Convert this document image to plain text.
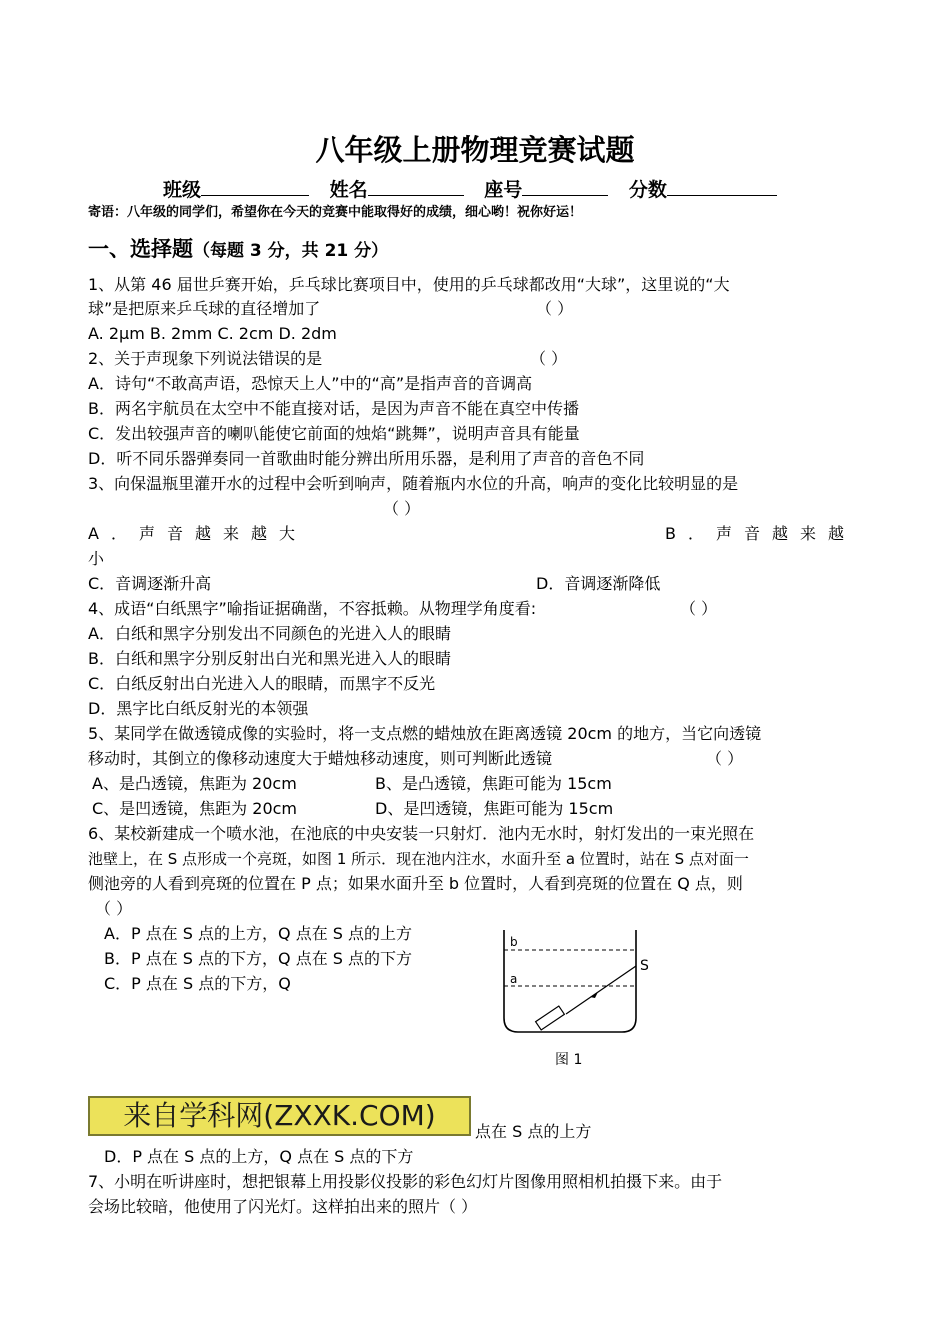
八年级上册物理竞赛试题
班级	姓名	座号	分数
寄语：八年级的同学们，希望你在今天的竞赛中能取得好的成绩，细心哟！祝你好运！
一、选择题（每题 3 分，共 21 分）
1、从第 46 届世乒赛开始，乒乓球比赛项目中，使用的乒乓球都改用“大球”，这里说的“大
球”是把原来乒乓球的直径增加了	（ ）
A. 2μm B. 2mm C. 2cm D. 2dm
2、关于声现象下列说法错误的是	（ ）
A．诗句“不敢高声语，恐惊天上人”中的“高”是指声音的音调高
B．两名宇航员在太空中不能直接对话，是因为声音不能在真空中传播
C．发出较强声音的喇叭能使它前面的烛焰“跳舞”，说明声音具有能量
D．听不同乐器弹奏同一首歌曲时能分辨出所用乐器，是利用了声音的音色不同
3、向保温瓶里灌开水的过程中会听到响声，随着瓶内水位的升高，响声的变化比较明显的是
（ ）
A．声音越来越大	B．声音越来越
小
C．音调逐渐升高	D．音调逐渐降低
4、成语“白纸黑字”喻指证据确凿，不容抵赖。从物理学角度看:	（ ）
A．白纸和黑字分别发出不同颜色的光进入人的眼睛
B．白纸和黑字分别反射出白光和黑光进入人的眼睛
C．白纸反射出白光进入人的眼睛，而黑字不反光
D．黑字比白纸反射光的本领强
5、某同学在做透镜成像的实验时，将一支点燃的蜡烛放在距离透镜 20cm 的地方，当它向透镜
移动时，其倒立的像移动速度大于蜡烛移动速度，则可判断此透镜	（ ）
A、是凸透镜，焦距为 20cm	B、是凸透镜，焦距可能为 15cm
C、是凹透镜，焦距为 20cm	D、是凹透镜，焦距可能为 15cm
6、某校新建成一个喷水池，在池底的中央安装一只射灯．池内无水时，射灯发出的一束光照在
池壁上，在 S 点形成一个亮斑，如图 1 所示．现在池内注水，水面升至 a 位置时，站在 S 点对面一
侧池旁的人看到亮斑的位置在 P 点；如果水面升至 b 位置时，人看到亮斑的位置在 Q 点，则
（ ）
A．P 点在 S 点的上方，Q 点在 S 点的上方
B．P 点在 S 点的下方，Q 点在 S 点的下方
C．P 点在 S 点的下方，Q
b
a
S
图 1
来自学科网(ZXXK.COM)	点在 S 点的上方
D．P 点在 S 点的上方，Q 点在 S 点的下方
7、小明在听讲座时，想把银幕上用投影仪投影的彩色幻灯片图像用照相机拍摄下来。由于
会场比较暗，他使用了闪光灯。这样拍出来的照片（ ）
